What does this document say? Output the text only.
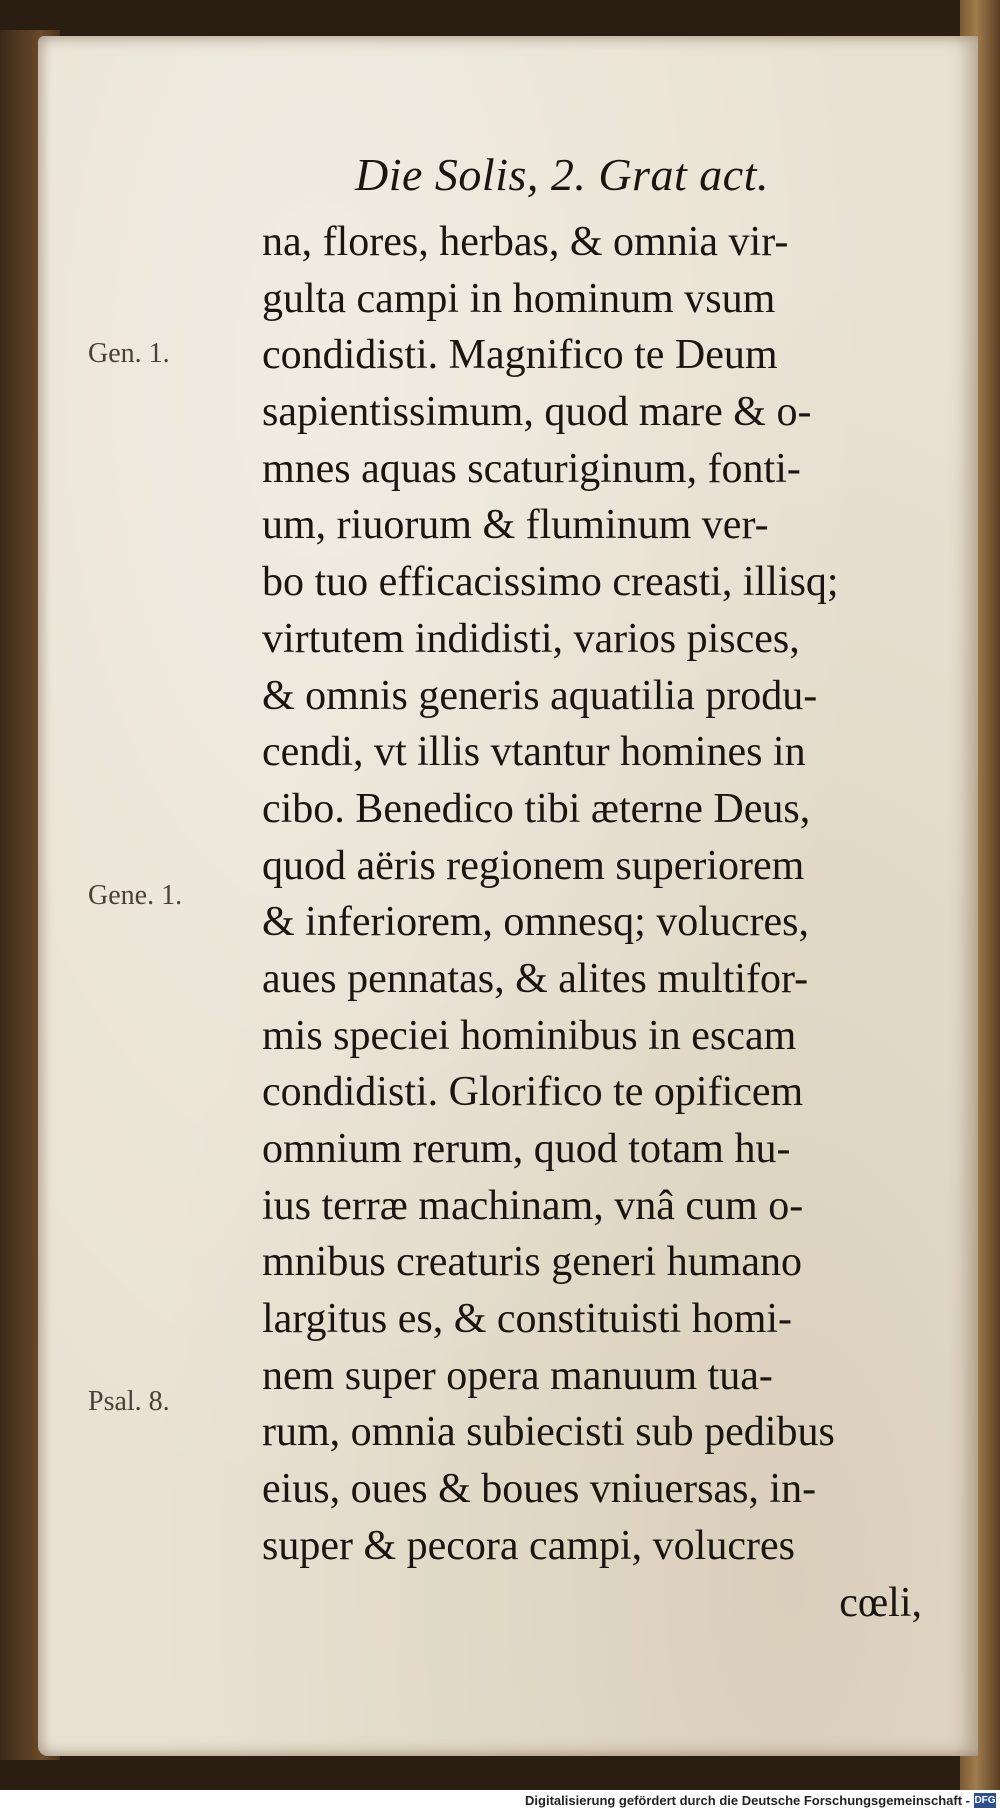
Die Solis, 2. Grat act.
Gen. 1.
Gene. 1.
Psal. 8.
na, flores, herbas, & omnia vir-
gulta campi in hominum vsum
condidisti. Magnifico te Deum
sapientissimum, quod mare & o-
mnes aquas scaturiginum, fonti-
um, riuorum & fluminum ver-
bo tuo efficacissimo creasti, illisq;
virtutem indidisti, varios pisces,
& omnis generis aquatilia produ-
cendi, vt illis vtantur homines in
cibo. Benedico tibi æterne Deus,
quod aëris regionem superiorem
& inferiorem, omnesq; volucres,
aues pennatas, & alites multifor-
mis speciei hominibus in escam
condidisti. Glorifico te opificem
omnium rerum, quod totam hu-
ius terræ machinam, vnâ cum o-
mnibus creaturis generi humano
largitus es, & constituisti homi-
nem super opera manuum tua-
rum, omnia subiecisti sub pedibus
eius, oues & boues vniuersas, in-
super & pecora campi, volucres
cœli,
Digitalisierung gefördert durch die Deutsche Forschungsgemeinschaft - DFG
